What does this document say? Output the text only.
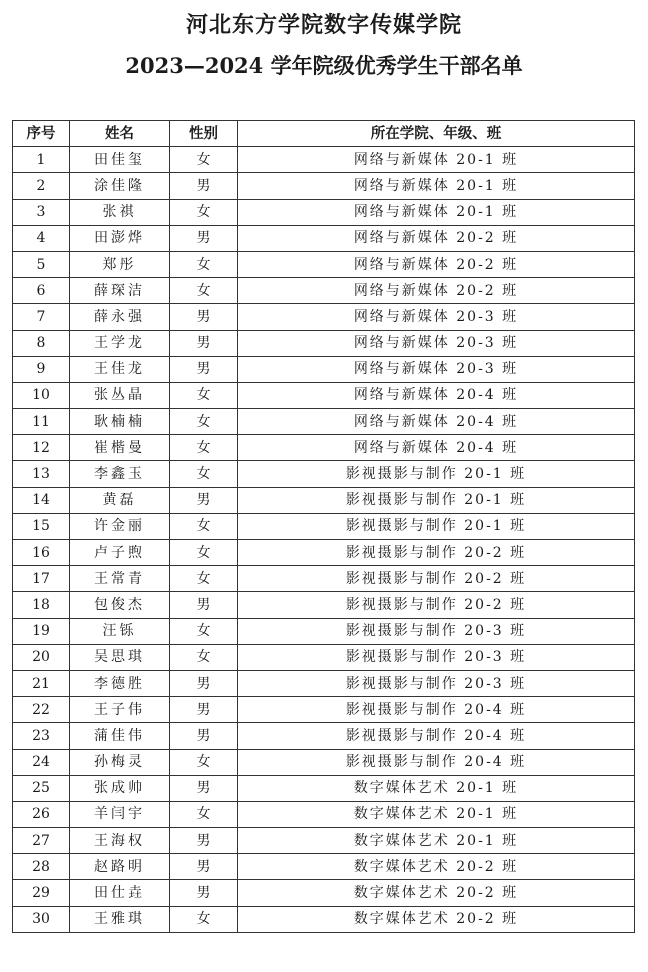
河北东方学院数字传媒学院
2023—2024 学年院级优秀学生干部名单
序号	姓名	性别	所在学院、年级、班
1	田佳玺	女	网络与新媒体 20-1 班
2	涂佳隆	男	网络与新媒体 20-1 班
3	张祺	女	网络与新媒体 20-1 班
4	田澎烨	男	网络与新媒体 20-2 班
5	郑彤	女	网络与新媒体 20-2 班
6	薛琛洁	女	网络与新媒体 20-2 班
7	薛永强	男	网络与新媒体 20-3 班
8	王学龙	男	网络与新媒体 20-3 班
9	王佳龙	男	网络与新媒体 20-3 班
10	张丛晶	女	网络与新媒体 20-4 班
11	耿楠楠	女	网络与新媒体 20-4 班
12	崔楷曼	女	网络与新媒体 20-4 班
13	李鑫玉	女	影视摄影与制作 20-1 班
14	黄磊	男	影视摄影与制作 20-1 班
15	许金丽	女	影视摄影与制作 20-1 班
16	卢子煦	女	影视摄影与制作 20-2 班
17	王常青	女	影视摄影与制作 20-2 班
18	包俊杰	男	影视摄影与制作 20-2 班
19	汪铄	女	影视摄影与制作 20-3 班
20	吴思琪	女	影视摄影与制作 20-3 班
21	李德胜	男	影视摄影与制作 20-3 班
22	王子伟	男	影视摄影与制作 20-4 班
23	蒲佳伟	男	影视摄影与制作 20-4 班
24	孙梅灵	女	影视摄影与制作 20-4 班
25	张成帅	男	数字媒体艺术 20-1 班
26	羊闫宇	女	数字媒体艺术 20-1 班
27	王海权	男	数字媒体艺术 20-1 班
28	赵路明	男	数字媒体艺术 20-2 班
29	田仕垚	男	数字媒体艺术 20-2 班
30	王雅琪	女	数字媒体艺术 20-2 班
